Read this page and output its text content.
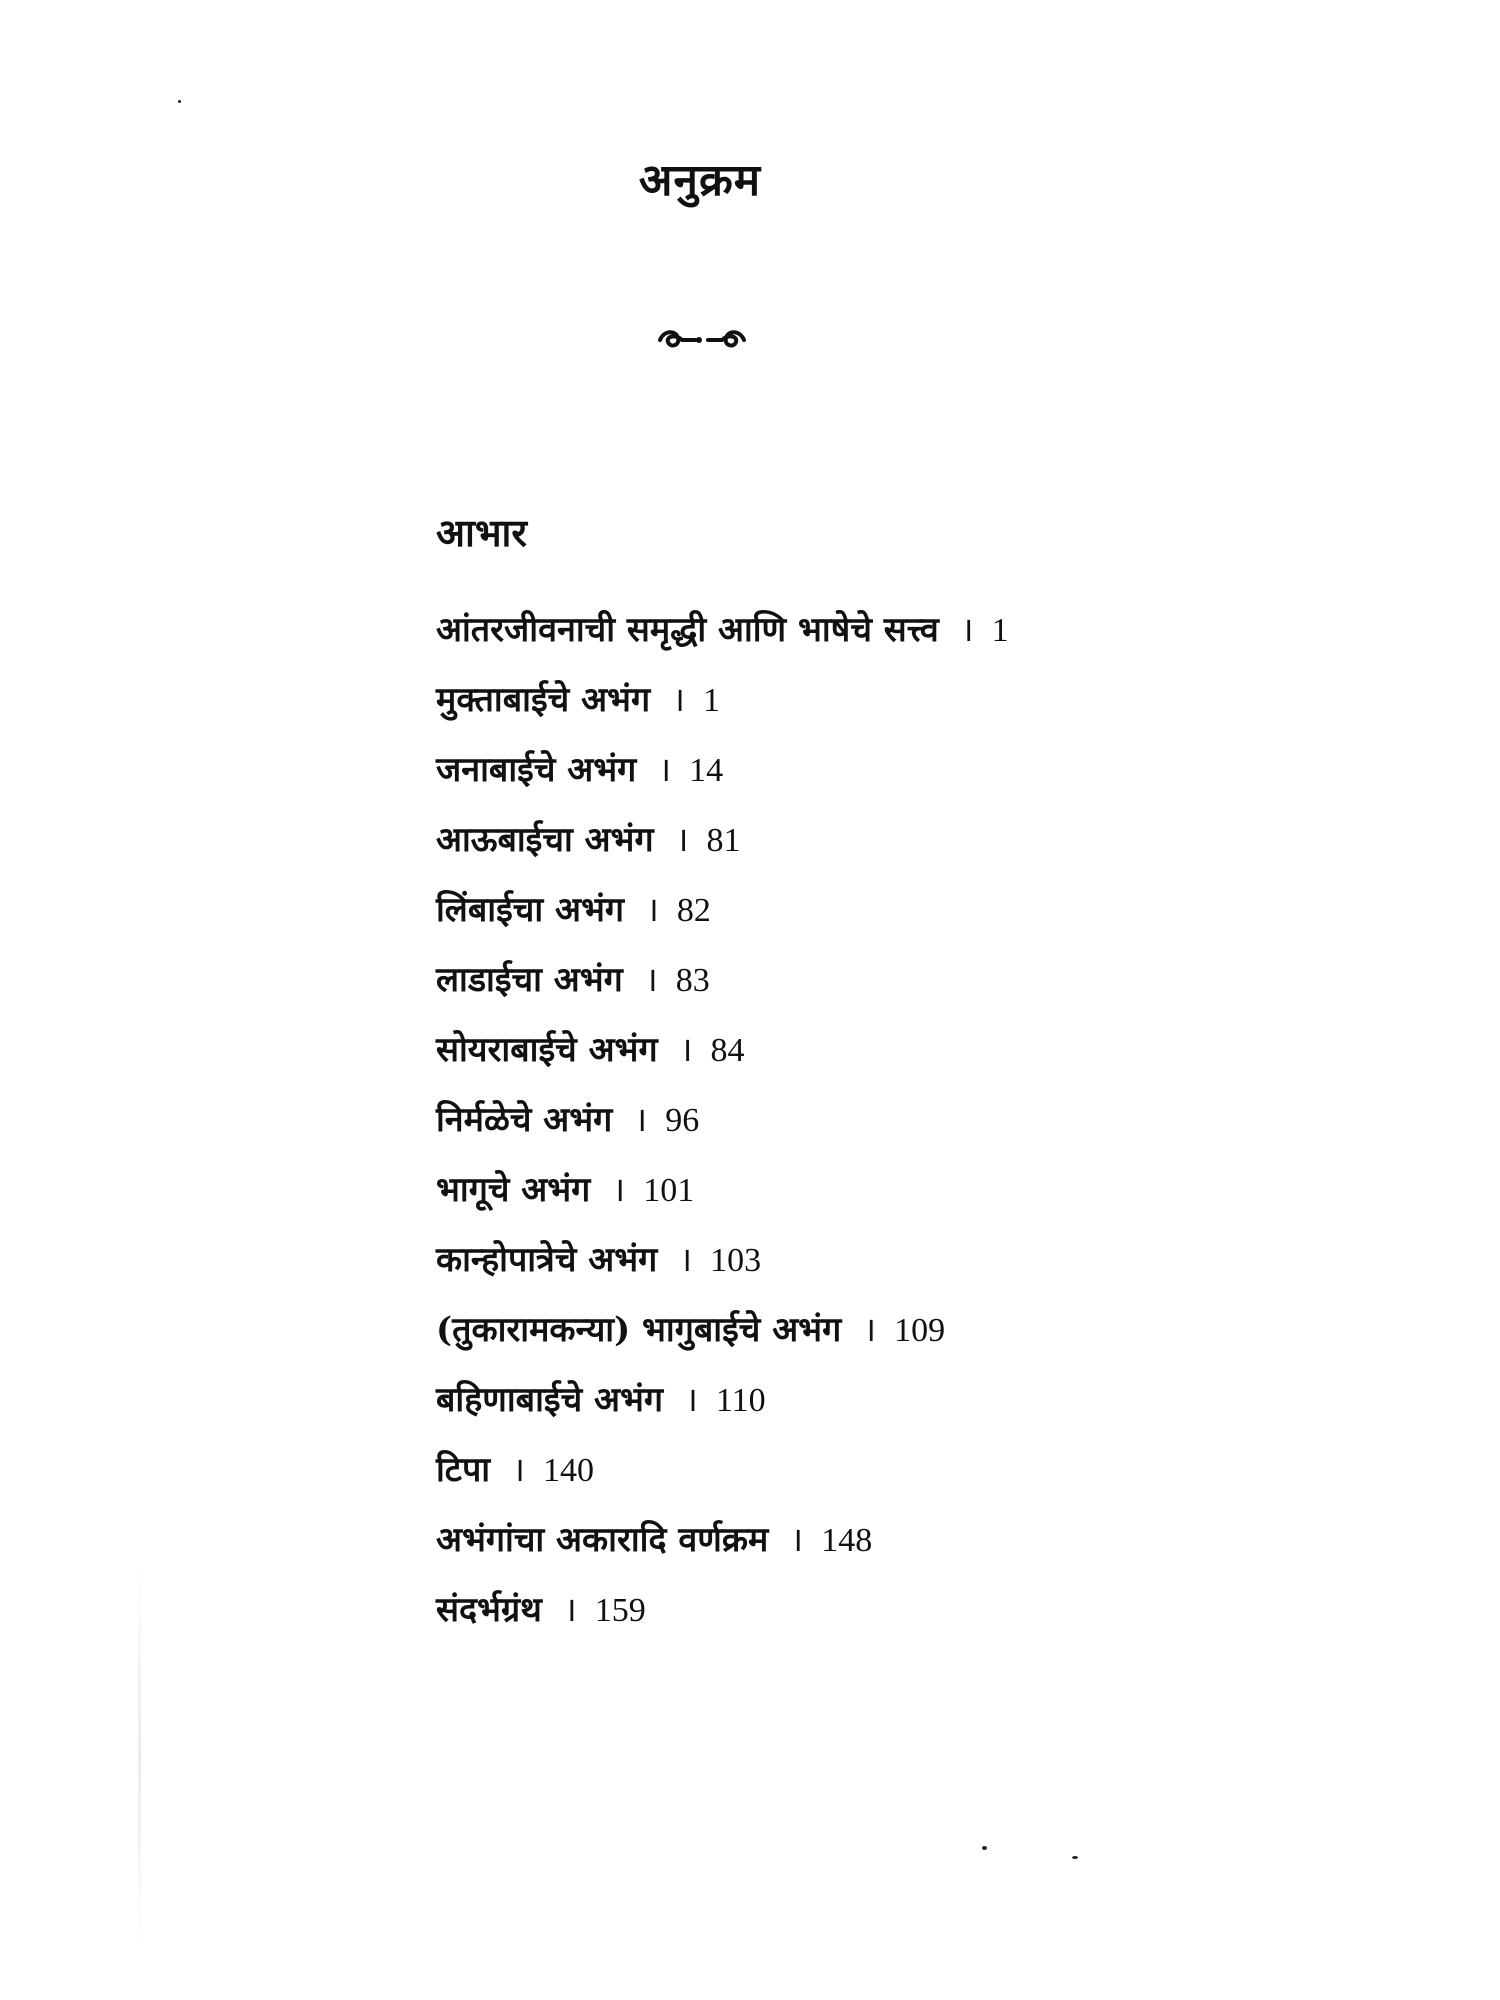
अनुक्रम
आभार
आंतरजीवनाची समृद्धी आणि भाषेचे सत्त्व । 1
मुक्ताबाईचे अभंग । 1
जनाबाईचे अभंग । 14
आऊबाईचा अभंग । 81
लिंबाईचा अभंग । 82
लाडाईचा अभंग । 83
सोयराबाईचे अभंग । 84
निर्मळेचे अभंग । 96
भागूचे अभंग । 101
कान्होपात्रेचे अभंग । 103
(तुकारामकन्या) भागुबाईचे अभंग । 109
बहिणाबाईचे अभंग । 110
टिपा । 140
अभंगांचा अकारादि वर्णक्रम । 148
संदर्भग्रंथ । 159
